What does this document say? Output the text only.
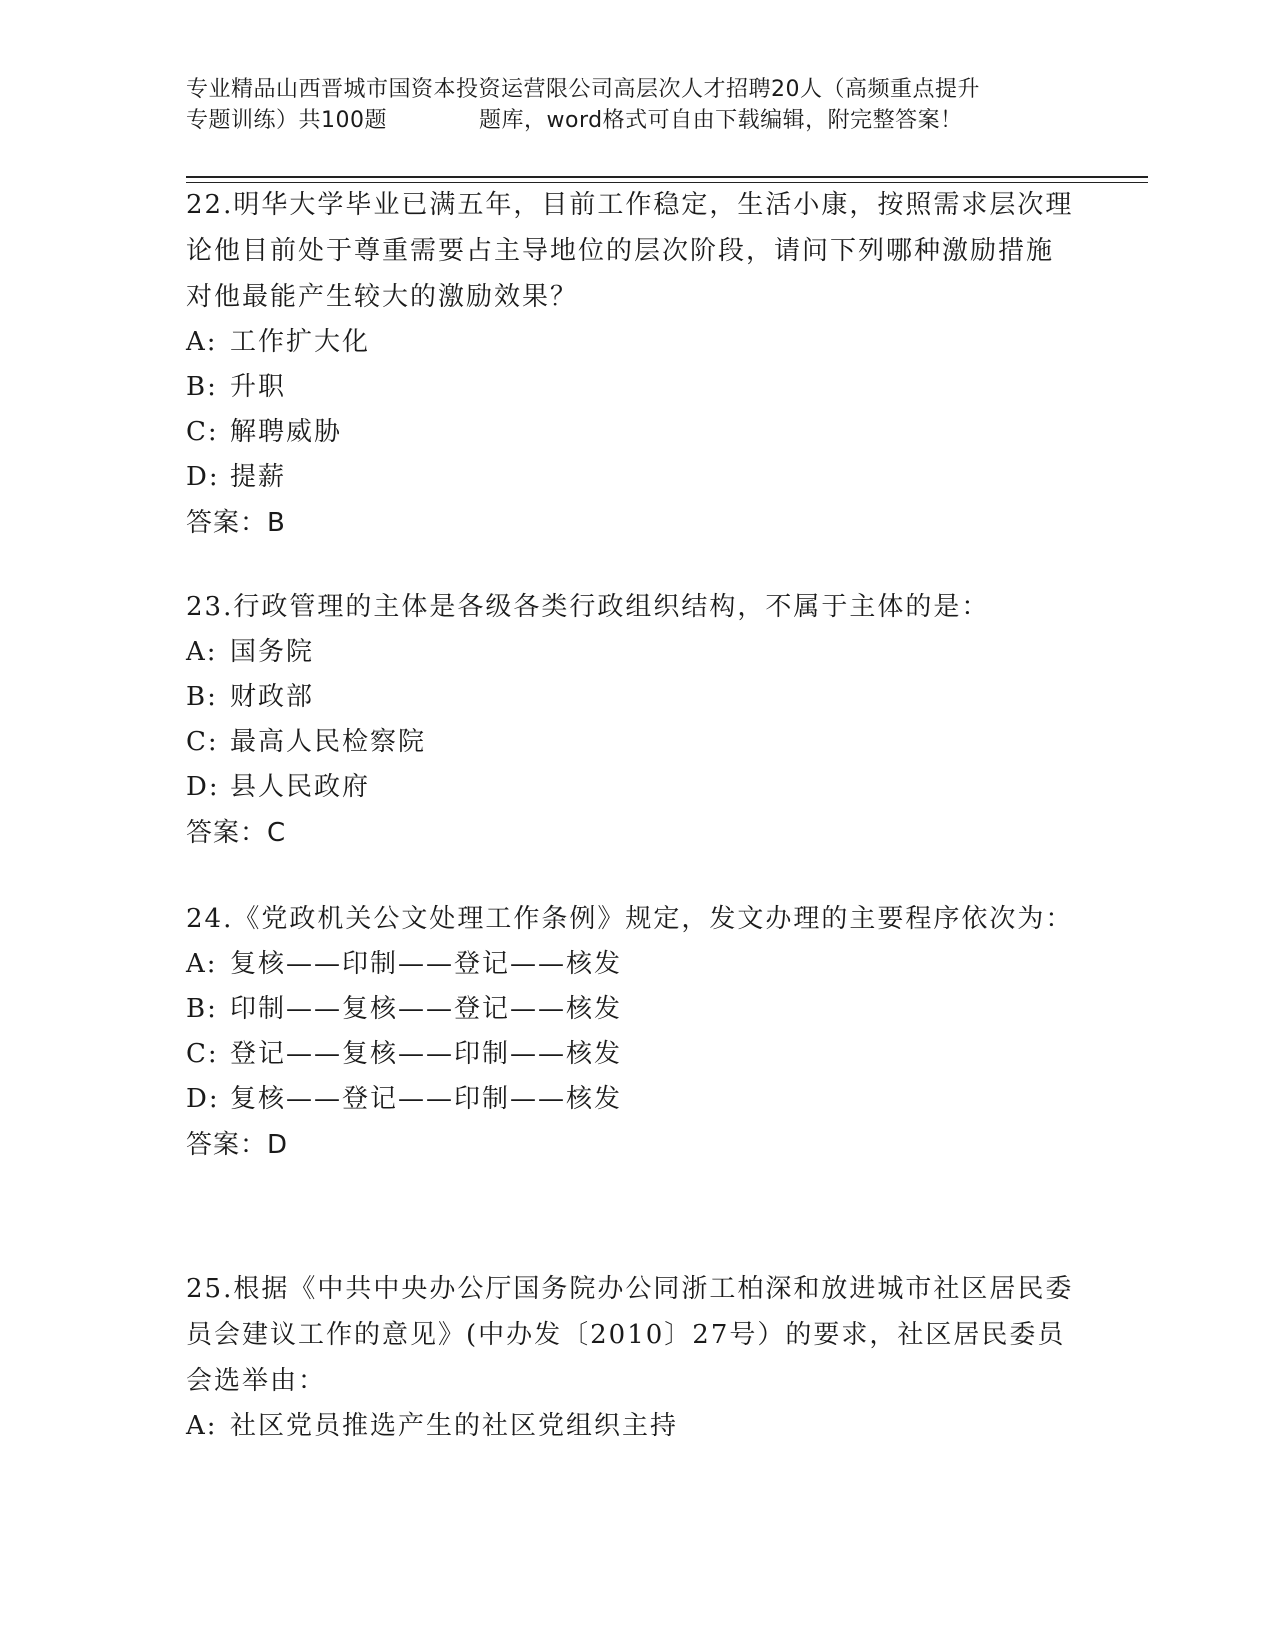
专业精品山西晋城市国资本投资运营限公司高层次人才招聘20人（高频重点提升
专题训练）共100题	题库，word格式可自由下载编辑，附完整答案！

22.明华大学毕业已满五年，目前工作稳定，生活小康，按照需求层次理论他目前处于尊重需要占主导地位的层次阶段，请问下列哪种激励措施对他最能产生较大的激励效果？

A: 工作扩大化

B: 升职

C: 解聘威胁

D: 提薪

答案：B

23.行政管理的主体是各级各类行政组织结构，不属于主体的是：

A: 国务院

B: 财政部

C: 最高人民检察院

D: 县人民政府

答案：C

24.《党政机关公文处理工作条例》规定，发文办理的主要程序依次为：

A: 复核——印制——登记——核发

B: 印制——复核——登记——核发

C: 登记——复核——印制——核发

D: 复核——登记——印制——核发

答案：D

25.根据《中共中央办公厅国务院办公同浙工柏深和放进城市社区居民委员会建议工作的意见》(中办发〔2010〕27号）的要求，社区居民委员会选举由：

A: 社区党员推选产生的社区党组织主持
